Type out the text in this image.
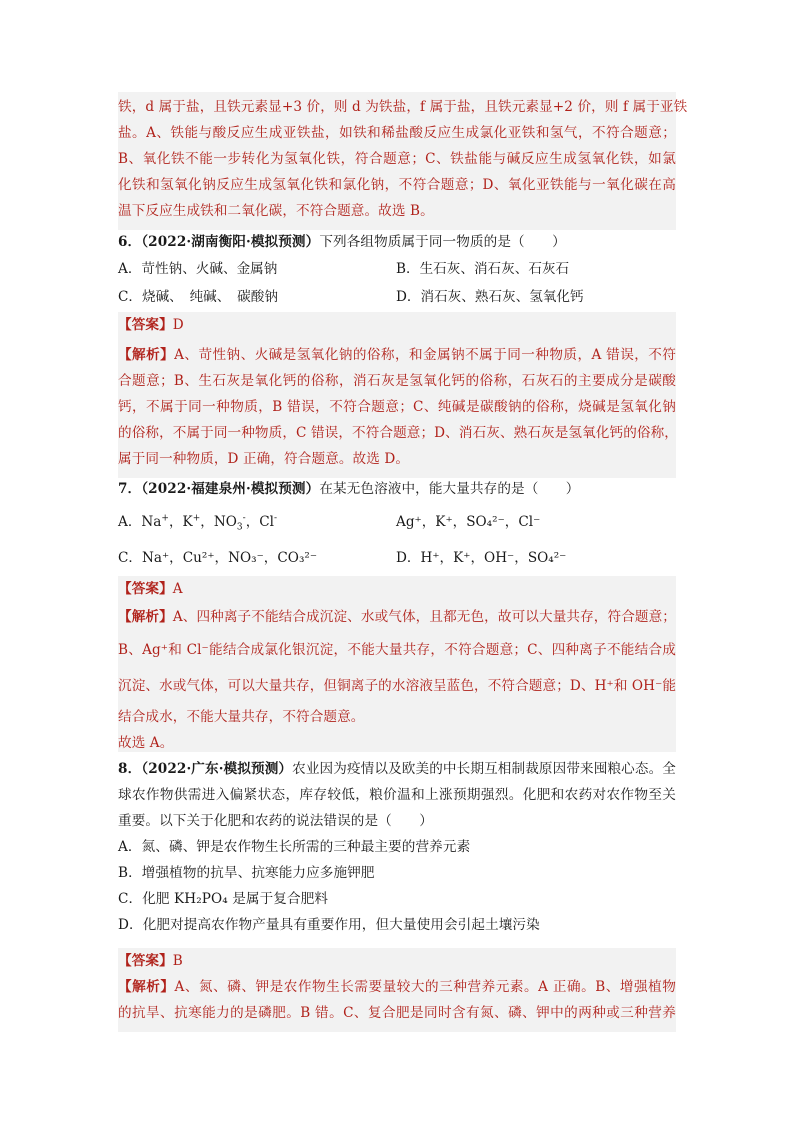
铁，d 属于盐，且铁元素显+3 价，则 d 为铁盐，f 属于盐，且铁元素显+2 价，则 f 属于亚铁
盐。A、铁能与酸反应生成亚铁盐，如铁和稀盐酸反应生成氯化亚铁和氢气，不符合题意；
B、氧化铁不能一步转化为氢氧化铁，符合题意；C、铁盐能与碱反应生成氢氧化铁，如氯
化铁和氢氧化钠反应生成氢氧化铁和氯化钠，不符合题意；D、氧化亚铁能与一氧化碳在高
温下反应生成铁和二氧化碳，不符合题意。故选 B。
6．（2022·湖南衡阳·模拟预测）下列各组物质属于同一物质的是（　　）
A．苛性钠、火碱、金属钠	B．生石灰、消石灰、石灰石
C．烧碱、　纯碱、　碳酸钠	D．消石灰、熟石灰、氢氧化钙
【答案】D
【解析】A、苛性钠、火碱是氢氧化钠的俗称，和金属钠不属于同一种物质，A 错误，不符
合题意；B、生石灰是氧化钙的俗称，消石灰是氢氧化钙的俗称，石灰石的主要成分是碳酸
钙，不属于同一种物质，B 错误，不符合题意；C、纯碱是碳酸钠的俗称，烧碱是氢氧化钠
的俗称，不属于同一种物质，C 错误，不符合题意；D、消石灰、熟石灰是氢氧化钙的俗称，
属于同一种物质，D 正确，符合题意。故选 D。
7．（2022·福建泉州·模拟预测）在某无色溶液中，能大量共存的是（　　）
A．Na+，K+，$NO_3^-$，Cl-	Ag⁺，K⁺，SO₄²⁻，Cl⁻
C．Na⁺，Cu²⁺，NO₃⁻，CO₃²⁻	D．H⁺，K⁺，OH⁻，SO₄²⁻
【答案】A
【解析】A、四种离子不能结合成沉淀、水或气体，且都无色，故可以大量共存，符合题意；
B、Ag⁺和 Cl⁻能结合成氯化银沉淀，不能大量共存，不符合题意；C、四种离子不能结合成
沉淀、水或气体，可以大量共存，但铜离子的水溶液呈蓝色，不符合题意；D、H⁺和 OH⁻能
结合成水，不能大量共存，不符合题意。
故选 A。
8．（2022·广东·模拟预测）农业因为疫情以及欧美的中长期互相制裁原因带来囤粮心态。全
球农作物供需进入偏紧状态，库存较低，粮价温和上涨预期强烈。化肥和农药对农作物至关
重要。以下关于化肥和农药的说法错误的是（　　）
A．氮、磷、钾是农作物生长所需的三种最主要的营养元素
B．增强植物的抗旱、抗寒能力应多施钾肥
C．化肥 KH₂PO₄ 是属于复合肥料
D．化肥对提高农作物产量具有重要作用，但大量使用会引起土壤污染
【答案】B
【解析】A、氮、磷、钾是农作物生长需要量较大的三种营养元素。A 正确。B、增强植物
的抗旱、抗寒能力的是磷肥。B 错。C、复合肥是同时含有氮、磷、钾中的两种或三种营养
